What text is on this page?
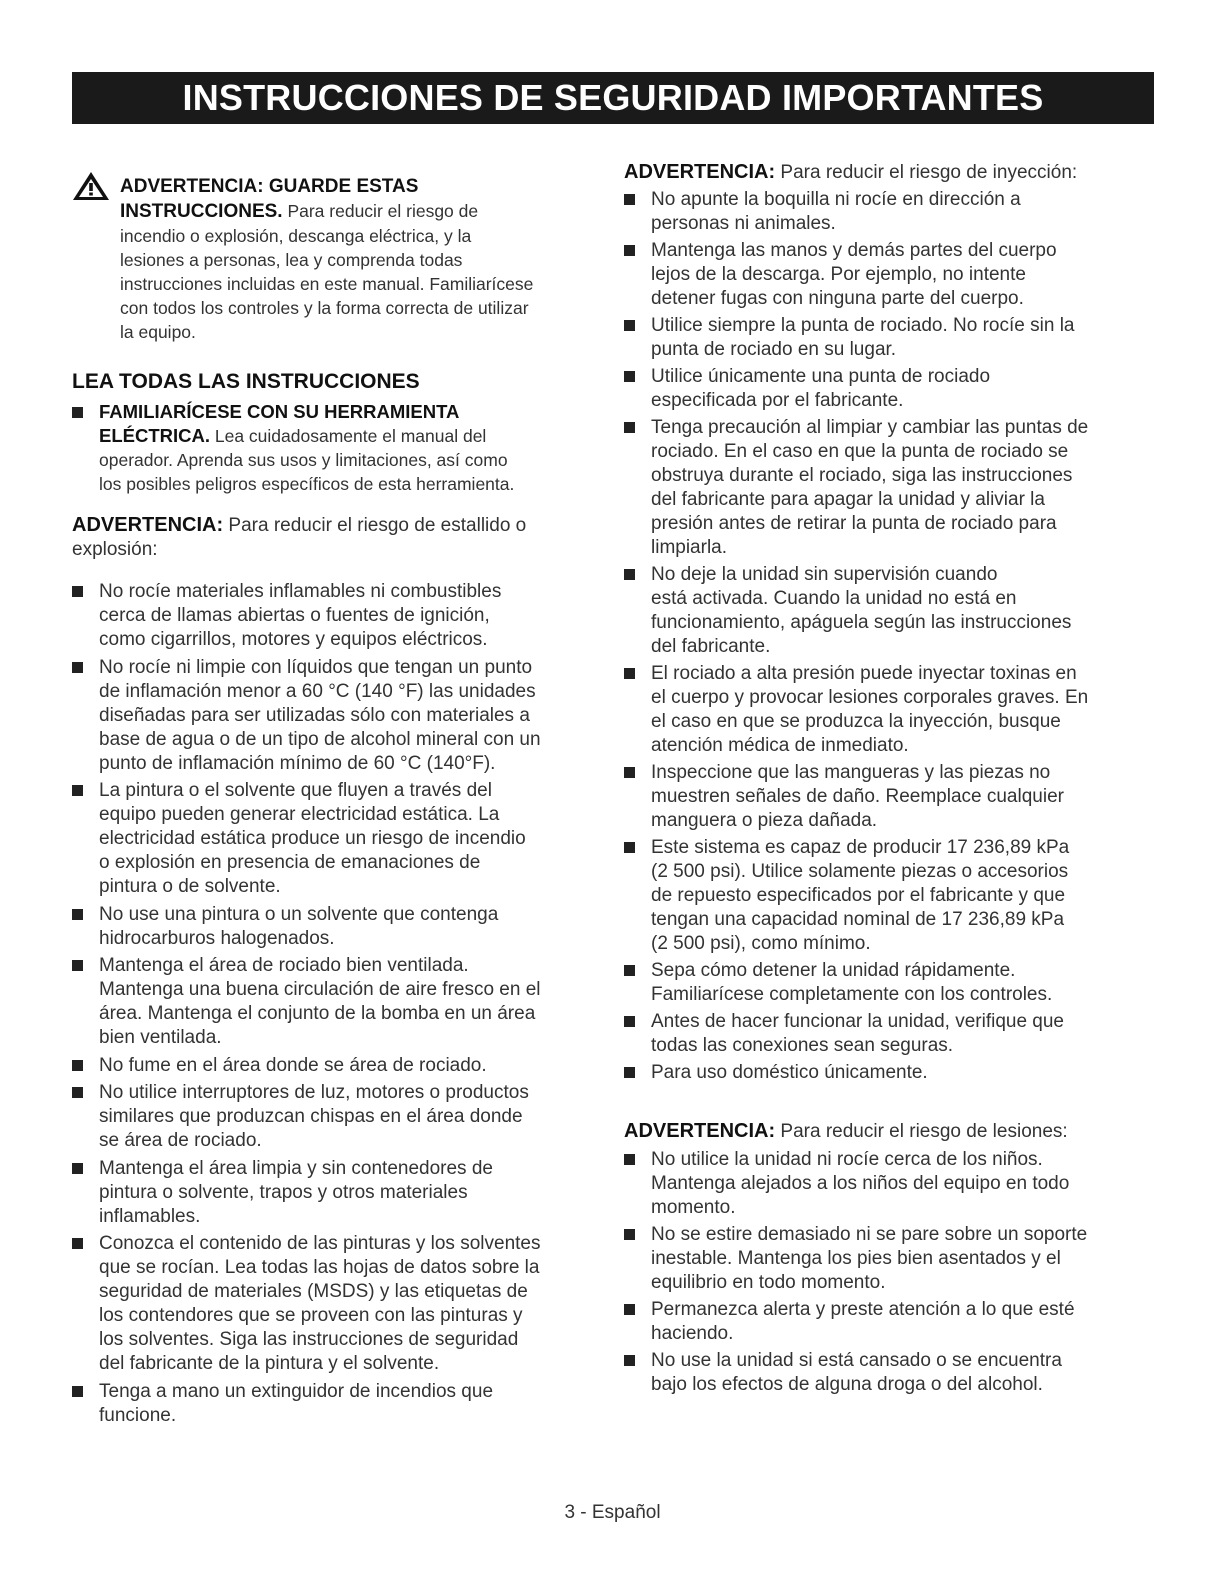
INSTRUCCIONES DE SEGURIDAD IMPORTANTES
ADVERTENCIA: GUARDE ESTAS
INSTRUCCIONES. Para reducir el riesgo de
incendio o explosión, descanga eléctrica, y la
lesiones a personas, lea y comprenda todas
instrucciones incluidas en este manual. Familiarícese
con todos los controles y la forma correcta de utilizar
la equipo.
LEA TODAS LAS INSTRUCCIONES
FAMILIARÍCESE CON SU HERRAMIENTA
ELÉCTRICA. Lea cuidadosamente el manual del
operador. Aprenda sus usos y limitaciones, así como
los posibles peligros específicos de esta herramienta.
ADVERTENCIA: Para reducir el riesgo de estallido o
explosión:
No rocíe materiales inflamables ni combustibles
cerca de llamas abiertas o fuentes de ignición,
como cigarrillos, motores y equipos eléctricos.
No rocíe ni limpie con líquidos que tengan un punto
de inflamación menor a 60 °C (140 °F) las unidades
diseñadas para ser utilizadas sólo con materiales a
base de agua o de un tipo de alcohol mineral con un
punto de inflamación mínimo de 60 °C (140°F).
La pintura o el solvente que fluyen a través del
equipo pueden generar electricidad estática. La
electricidad estática produce un riesgo de incendio
o explosión en presencia de emanaciones de
pintura o de solvente.
No use una pintura o un solvente que contenga
hidrocarburos halogenados.
Mantenga el área de rociado bien ventilada.
Mantenga una buena circulación de aire fresco en el
área. Mantenga el conjunto de la bomba en un área
bien ventilada.
No fume en el área donde se área de rociado.
No utilice interruptores de luz, motores o productos
similares que produzcan chispas en el área donde
se área de rociado.
Mantenga el área limpia y sin contenedores de
pintura o solvente, trapos y otros materiales
inflamables.
Conozca el contenido de las pinturas y los solventes
que se rocían. Lea todas las hojas de datos sobre la
seguridad de materiales (MSDS) y las etiquetas de
los contendores que se proveen con las pinturas y
los solventes. Siga las instrucciones de seguridad
del fabricante de la pintura y el solvente.
Tenga a mano un extinguidor de incendios que
funcione.
ADVERTENCIA: Para reducir el riesgo de inyección:
No apunte la boquilla ni rocíe en dirección a
personas ni animales.
Mantenga las manos y demás partes del cuerpo
lejos de la descarga. Por ejemplo, no intente
detener fugas con ninguna parte del cuerpo.
Utilice siempre la punta de rociado. No rocíe sin la
punta de rociado en su lugar.
Utilice únicamente una punta de rociado
especificada por el fabricante.
Tenga precaución al limpiar y cambiar las puntas de
rociado. En el caso en que la punta de rociado se
obstruya durante el rociado, siga las instrucciones
del fabricante para apagar la unidad y aliviar la
presión antes de retirar la punta de rociado para
limpiarla.
No deje la unidad sin supervisión cuando
está activada. Cuando la unidad no está en
funcionamiento, apáguela según las instrucciones
del fabricante.
El rociado a alta presión puede inyectar toxinas en
el cuerpo y provocar lesiones corporales graves. En
el caso en que se produzca la inyección, busque
atención médica de inmediato.
Inspeccione que las mangueras y las piezas no
muestren señales de daño. Reemplace cualquier
manguera o pieza dañada.
Este sistema es capaz de producir 17 236,89 kPa
(2 500 psi). Utilice solamente piezas o accesorios
de repuesto especificados por el fabricante y que
tengan una capacidad nominal de 17 236,89 kPa
(2 500 psi), como mínimo.
Sepa cómo detener la unidad rápidamente.
Familiarícese completamente con los controles.
Antes de hacer funcionar la unidad, verifique que
todas las conexiones sean seguras.
Para uso doméstico únicamente.
ADVERTENCIA: Para reducir el riesgo de lesiones:
No utilice la unidad ni rocíe cerca de los niños.
Mantenga alejados a los niños del equipo en todo
momento.
No se estire demasiado ni se pare sobre un soporte
inestable. Mantenga los pies bien asentados y el
equilibrio en todo momento.
Permanezca alerta y preste atención a lo que esté
haciendo.
No use la unidad si está cansado o se encuentra
bajo los efectos de alguna droga o del alcohol.
3 - Español
